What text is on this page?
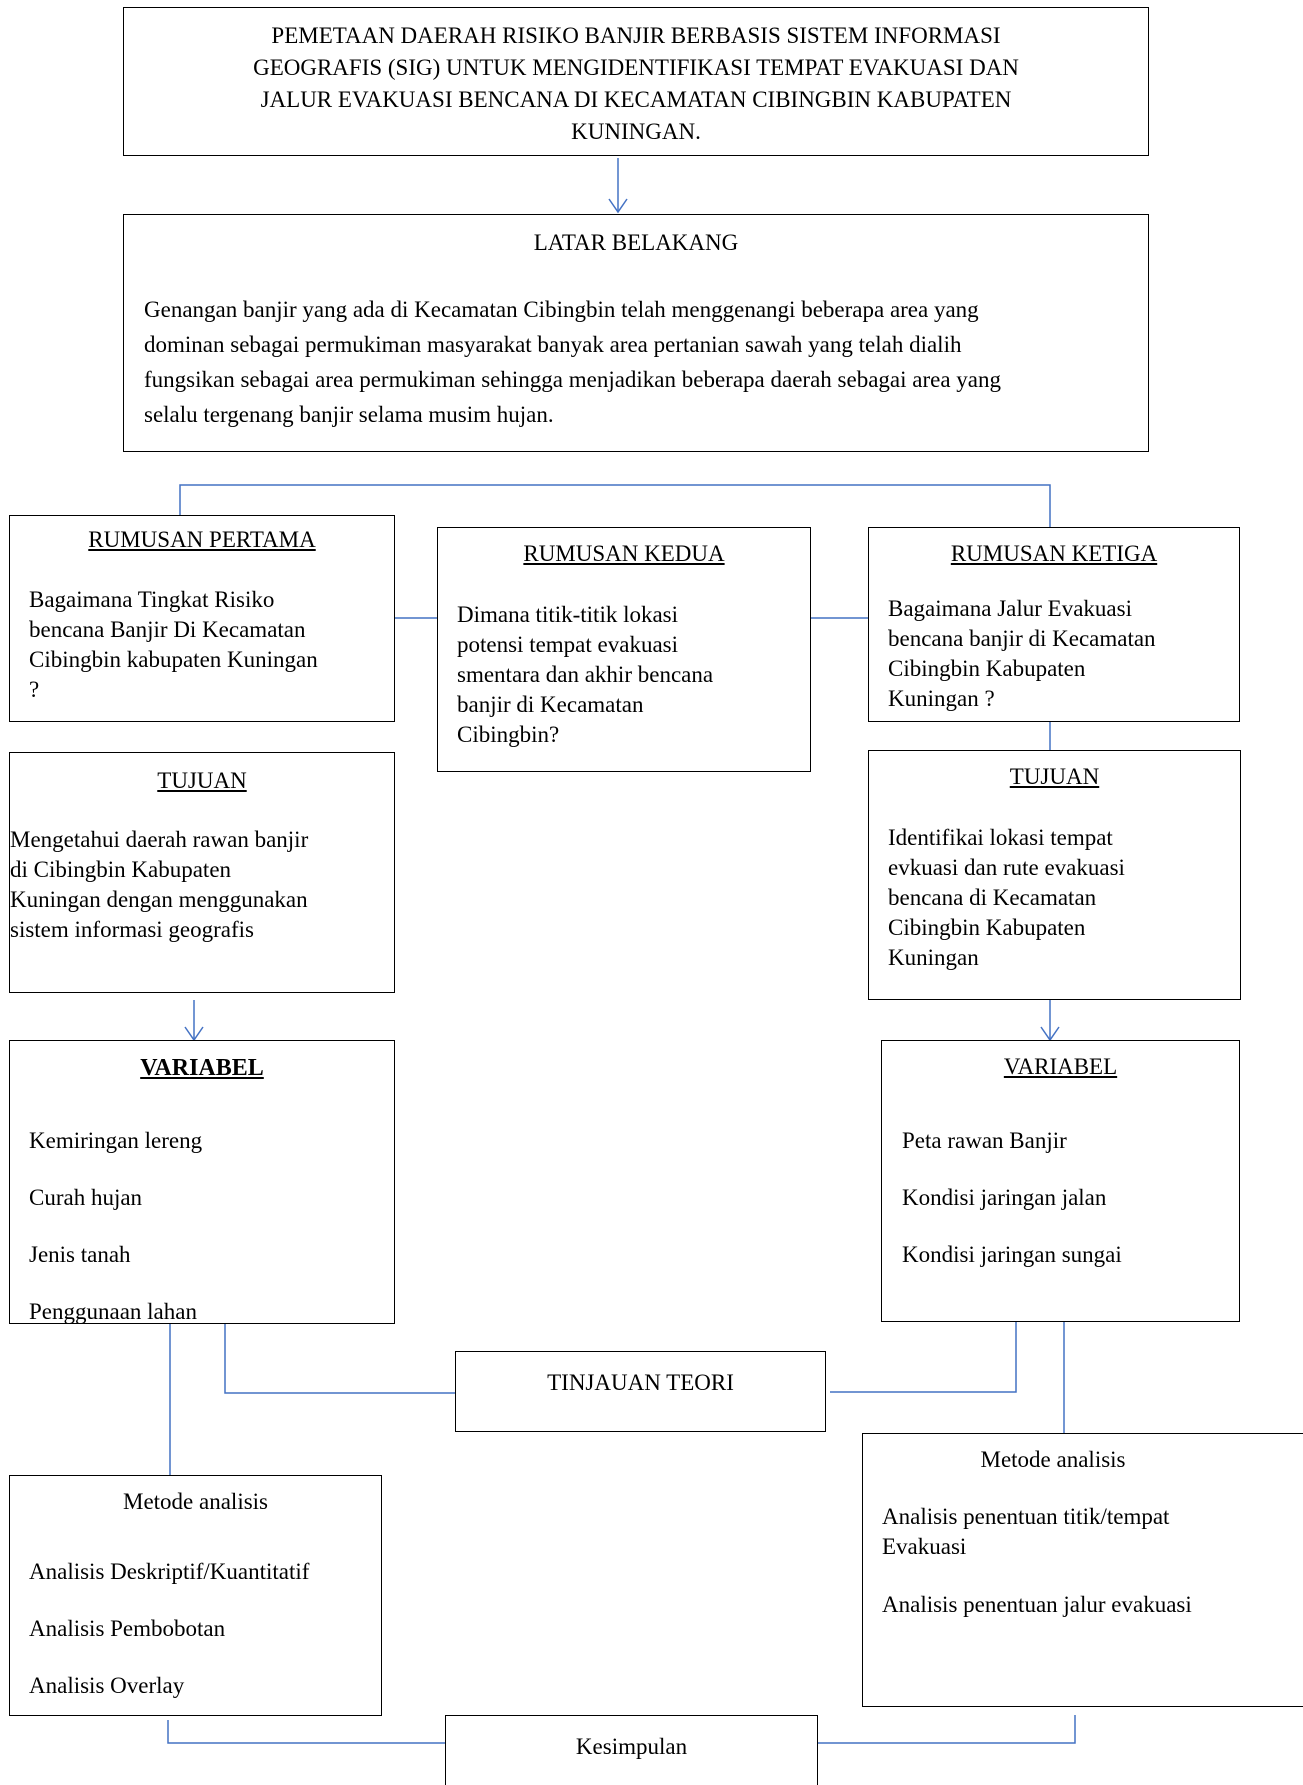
PEMETAAN DAERAH RISIKO BANJIR BERBASIS SISTEM INFORMASI
GEOGRAFIS (SIG) UNTUK MENGIDENTIFIKASI TEMPAT EVAKUASI DAN
JALUR EVAKUASI BENCANA DI KECAMATAN CIBINGBIN KABUPATEN
KUNINGAN.
LATAR BELAKANG
Genangan banjir yang ada di Kecamatan Cibingbin telah menggenangi beberapa area yang
dominan sebagai permukiman masyarakat banyak area pertanian sawah yang telah dialih
fungsikan sebagai area permukiman sehingga menjadikan beberapa daerah sebagai area yang
selalu tergenang banjir selama musim hujan.
RUMUSAN PERTAMA
Bagaimana Tingkat Risiko
bencana Banjir Di Kecamatan
Cibingbin kabupaten Kuningan
?
RUMUSAN KEDUA
Dimana titik-titik lokasi
potensi tempat evakuasi
smentara dan akhir bencana
banjir di Kecamatan
Cibingbin?
RUMUSAN KETIGA
Bagaimana Jalur Evakuasi
bencana banjir di Kecamatan
Cibingbin Kabupaten
Kuningan ?
TUJUAN
Mengetahui daerah rawan banjir
di Cibingbin Kabupaten
Kuningan dengan menggunakan
sistem informasi geografis
TUJUAN
Identifikai lokasi tempat
evkuasi dan rute evakuasi
bencana di Kecamatan
Cibingbin Kabupaten
Kuningan
VARIABEL
Kemiringan lereng
Curah hujan
Jenis tanah
Penggunaan lahan
VARIABEL
Peta rawan Banjir
Kondisi jaringan jalan
Kondisi jaringan sungai
TINJAUAN TEORI
Metode analisis
Analisis Deskriptif/Kuantitatif
Analisis Pembobotan
Analisis Overlay
Metode analisis
Analisis penentuan titik/tempat
Evakuasi
Analisis penentuan jalur evakuasi
Kesimpulan
